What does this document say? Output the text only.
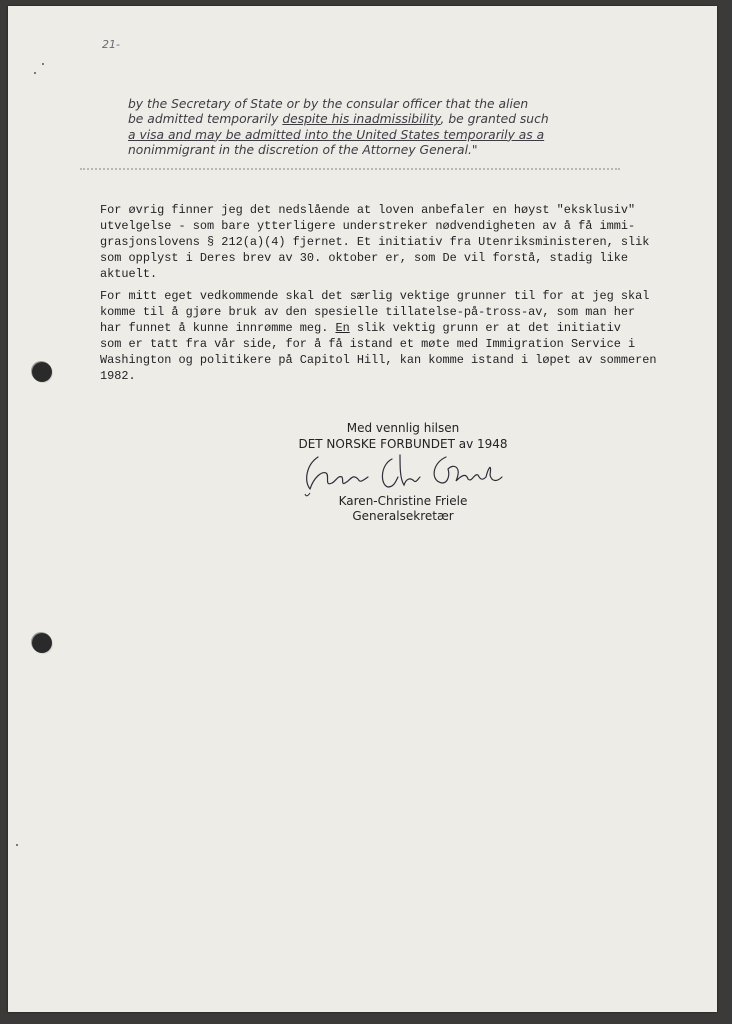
21-
by the Secretary of State or by the consular officer that the alien
be admitted temporarily despite his inadmissibility, be granted such
a visa and may be admitted into the United States temporarily as a
nonimmigrant in the discretion of the Attorney General."
For øvrig finner jeg det nedslående at loven anbefaler en høyst "eksklusiv"
utvelgelse - som bare ytterligere understreker nødvendigheten av å få immi-
grasjonslovens § 212(a)(4) fjernet. Et initiativ fra Utenriksministeren, slik
som opplyst i Deres brev av 30. oktober er, som De vil forstå, stadig like
aktuelt.
For mitt eget vedkommende skal det særlig vektige grunner til for at jeg skal
komme til å gjøre bruk av den spesielle tillatelse-på-tross-av, som man her
har funnet å kunne innrømme meg. En slik vektig grunn er at det initiativ
som er tatt fra vår side, for å få istand et møte med Immigration Service i
Washington og politikere på Capitol Hill, kan komme istand i løpet av sommeren
1982.
Med vennlig hilsen
DET NORSKE FORBUNDET av 1948
Karen-Christine Friele
Generalsekretær
